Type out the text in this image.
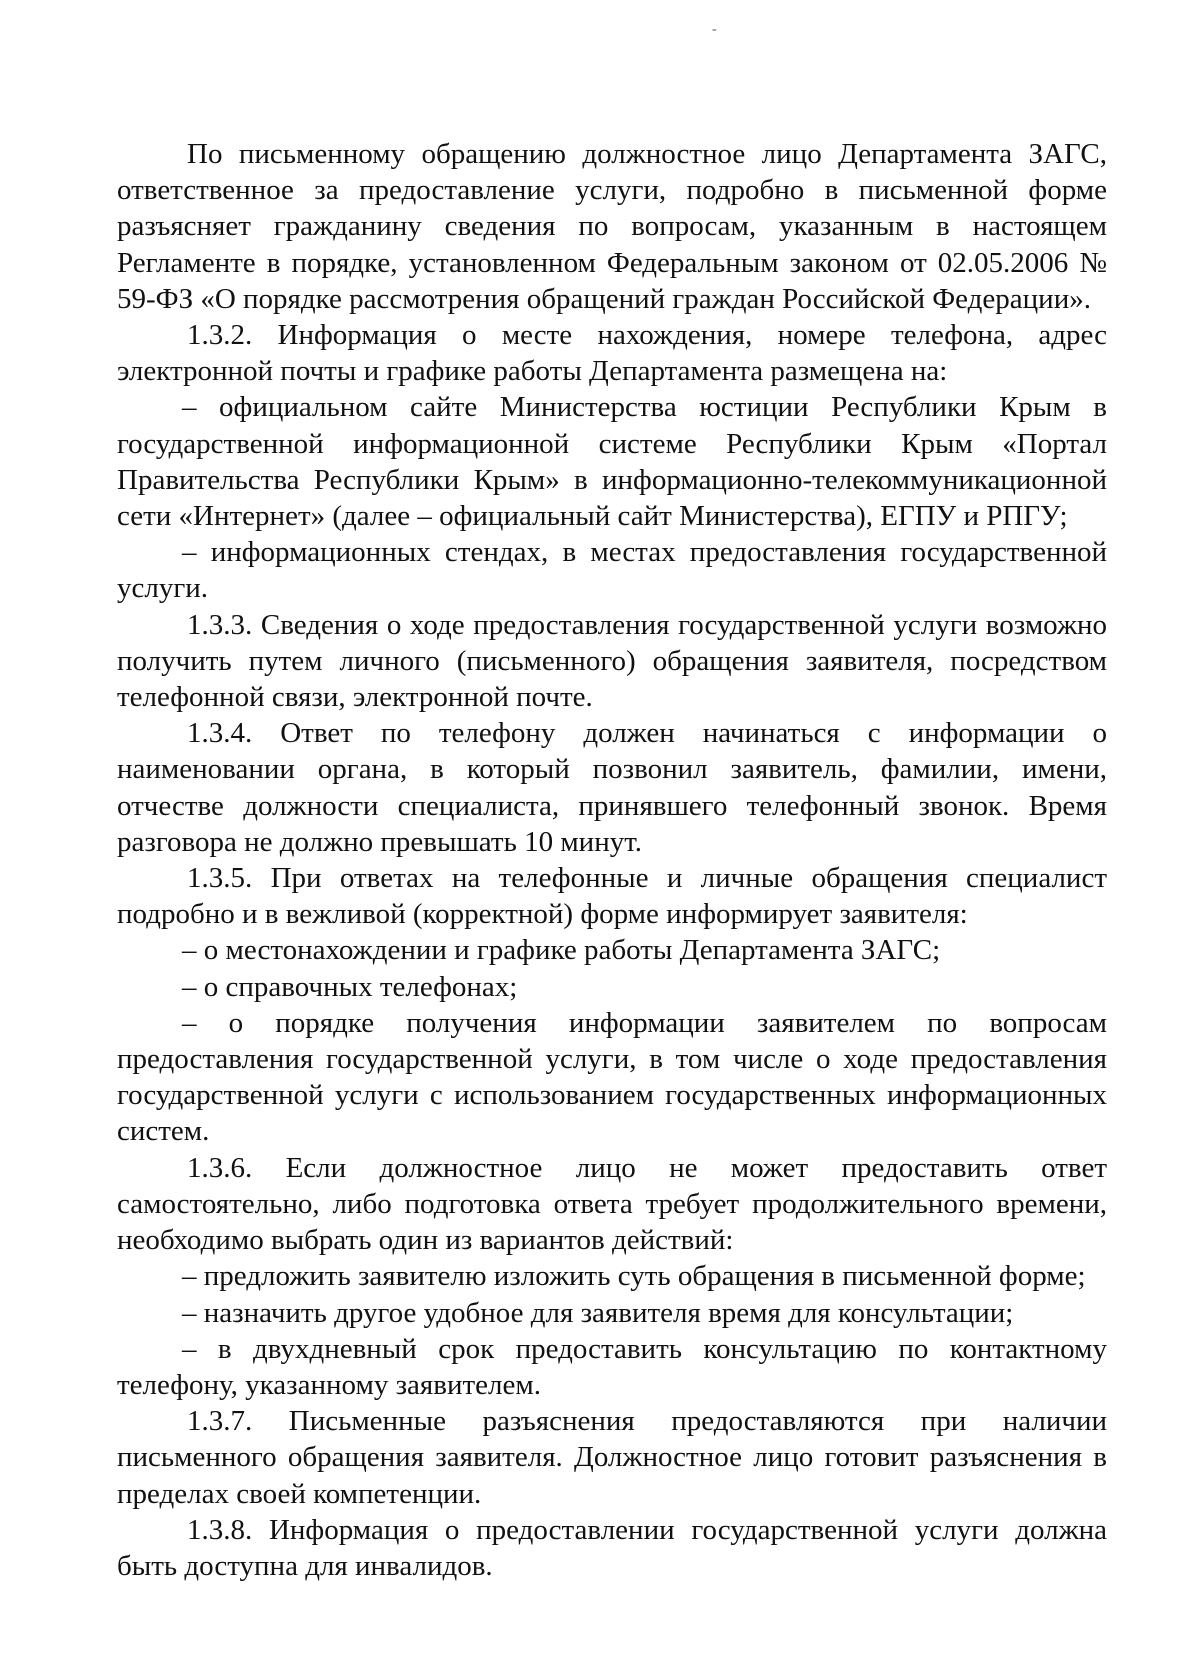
-

По письменному обращению должностное лицо Департамента ЗАГС, ответственное за предоставление услуги, подробно в письменной форме разъясняет гражданину сведения по вопросам, указанным в настоящем Регламенте в порядке, установленном Федеральным законом от 02.05.2006 № 59-ФЗ «О порядке рассмотрения обращений граждан Российской Федерации».

1.3.2. Информация о месте нахождения, номере телефона, адрес электронной почты и графике работы Департамента размещена на:

– официальном сайте Министерства юстиции Республики Крым в государственной информационной системе Республики Крым «Портал Правительства Республики Крым» в информационно-телекоммуникационной сети «Интернет» (далее – официальный сайт Министерства), ЕГПУ и РПГУ;

– информационных стендах, в местах предоставления государственной услуги.

1.3.3. Сведения о ходе предоставления государственной услуги возможно получить путем личного (письменного) обращения заявителя, посредством телефонной связи, электронной почте.

1.3.4. Ответ по телефону должен начинаться с информации о наименовании органа, в который позвонил заявитель, фамилии, имени, отчестве должности специалиста, принявшего телефонный звонок. Время разговора не должно превышать 10 минут.

1.3.5. При ответах на телефонные и личные обращения специалист подробно и в вежливой (корректной) форме информирует заявителя:

– о местонахождении и графике работы Департамента ЗАГС;

– о справочных телефонах;

– о порядке получения информации заявителем по вопросам предоставления государственной услуги, в том числе о ходе предоставления государственной услуги с использованием государственных информационных систем.

1.3.6. Если должностное лицо не может предоставить ответ самостоятельно, либо подготовка ответа требует продолжительного времени, необходимо выбрать один из вариантов действий:

– предложить заявителю изложить суть обращения в письменной форме;

– назначить другое удобное для заявителя время для консультации;

– в двухдневный срок предоставить консультацию по контактному телефону, указанному заявителем.

1.3.7. Письменные разъяснения предоставляются при наличии письменного обращения заявителя. Должностное лицо готовит разъяснения в пределах своей компетенции.

1.3.8. Информация о предоставлении государственной услуги должна быть доступна для инвалидов.
